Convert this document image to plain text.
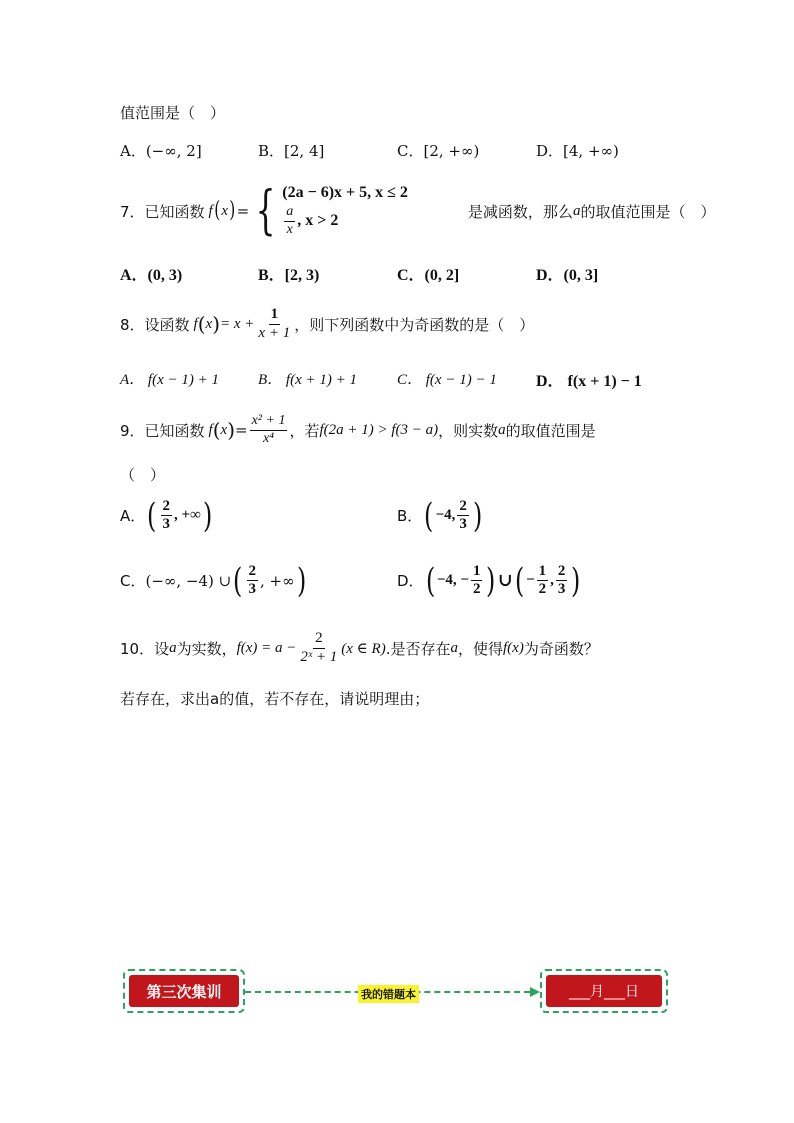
值范围是（　）
A．(−∞, 2]	B．[2, 4]	C．[2, +∞)	D．[4, +∞)
7．已知函数 f ( x ) = { (2a − 6)x + 5, x ≤ 2
$\frac{a}{x}$ , x > 2	是减函数，那么 a 的取值范围是（　）
A．(0, 3)	B．[2, 3)	C．(0, 2]	D．(0, 3]
8．设函数 f ( x ) = $x + \frac{1}{x + 1}$ ，则下列函数中为奇函数的是（　）
A． f(x − 1) + 1	B． f(x + 1) + 1	C． f(x − 1) − 1 D． f(x + 1) − 1
9．已知函数 f ( x ) = $\frac{\text{x² + 1}}{\text{x⁴}}$ ，若 f(2a + 1) > f(3 − a) ，则实数 a 的取值范围是
（　）
A． ( $\frac{2}{3}$ , +∞ )	B． ( −4, $\frac{2}{3}$ )
C． (−∞, −4) ∪ ( $\frac{2}{3}$ , +∞ )	D． ( −4, − $\frac{1}{2}$ ) ∪ ( − $\frac{1}{2}$ , $\frac{2}{3}$ )
10．设 a 为实数， $f(x) = a - \frac{2}{\text{2ˣ + 1}} (x$ ∈ R) .是否存在 a ，使得 f(x) 为奇函数？
若存在，求出a的值，若不存在，请说明理由；
第三次集训	我的错题本	___月___日
